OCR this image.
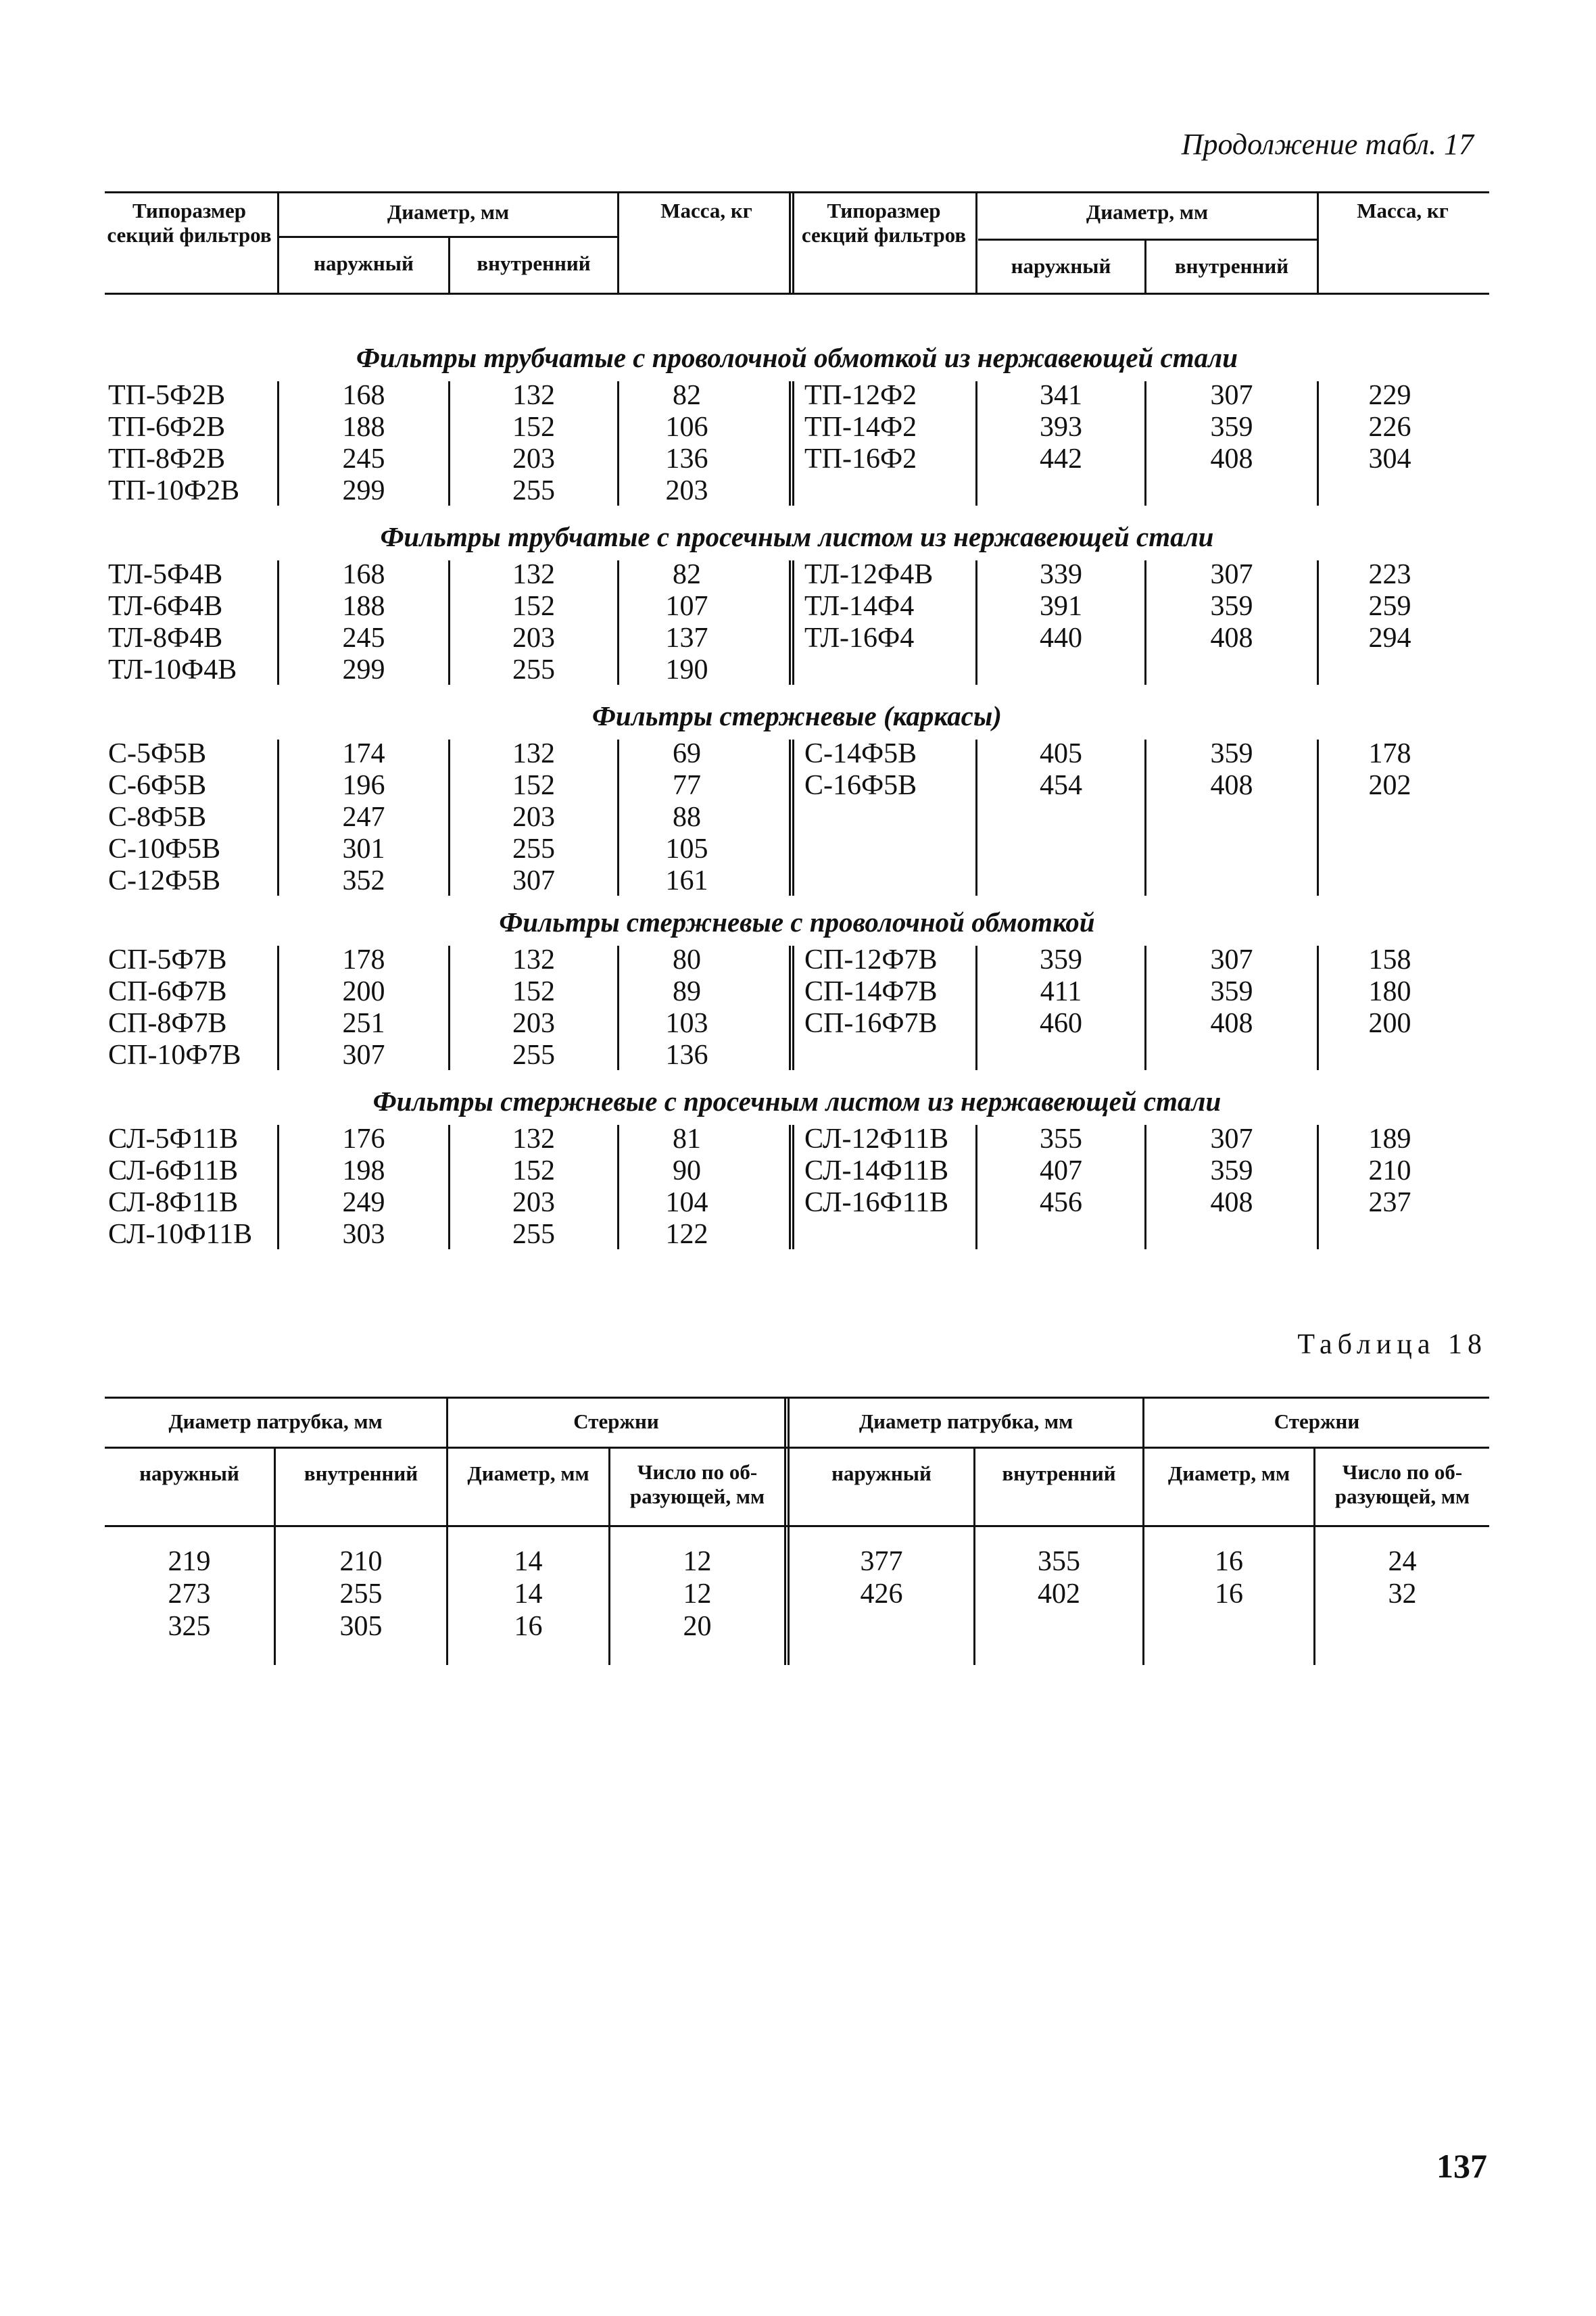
Продолжение табл. 17
Типоразмер секций фильтров
Диаметр, мм
наружный	внутренний
Масса, кг	Типоразмер секций фильтров
Диаметр, мм
наружный	внутренний
Масса, кг
Фильтры трубчатые с проволочной обмоткой из нержавеющей стали
ТП-5Ф2В	168	132	82	ТП-12Ф2	341	307	229
ТП-6Ф2В	188	152	106	ТП-14Ф2	393	359	226
ТП-8Ф2В	245	203	136	ТП-16Ф2	442	408	304
ТП-10Ф2В	299	255	203
Фильтры трубчатые с просечным листом из нержавеющей стали
ТЛ-5Ф4В	168	132	82	ТЛ-12Ф4В	339	307	223
ТЛ-6Ф4В	188	152	107	ТЛ-14Ф4	391	359	259
ТЛ-8Ф4В	245	203	137	ТЛ-16Ф4	440	408	294
ТЛ-10Ф4В	299	255	190
Фильтры стержневые (каркасы)
С-5Ф5В	174	132	69	С-14Ф5В	405	359	178
С-6Ф5В	196	152	77	С-16Ф5В	454	408	202
С-8Ф5В	247	203	88
С-10Ф5В	301	255	105
С-12Ф5В	352	307	161
Фильтры стержневые с проволочной обмоткой
СП-5Ф7В	178	132	80	СП-12Ф7В	359	307	158
СП-6Ф7В	200	152	89	СП-14Ф7В	411	359	180
СП-8Ф7В	251	203	103	СП-16Ф7В	460	408	200
СП-10Ф7В	307	255	136
Фильтры стержневые с просечным листом из нержавеющей стали
СЛ-5Ф11В	176	132	81	СЛ-12Ф11В	355	307	189
СЛ-6Ф11В	198	152	90	СЛ-14Ф11В	407	359	210
СЛ-8Ф11В	249	203	104	СЛ-16Ф11В	456	408	237
СЛ-10Ф11В	303	255	122
Таблица 18
Диаметр патрубка, мм	Стержни	Диаметр патрубка, мм	Стержни
наружный	внутренний	Диаметр, мм	Число по об-
разующей, мм
наружный	внутренний	Диаметр, мм	Число по об-
разующей, мм
219	210	14	12	377	355	16	24
273	255	14	12	426	402	16	32
325	305	16	20
137
